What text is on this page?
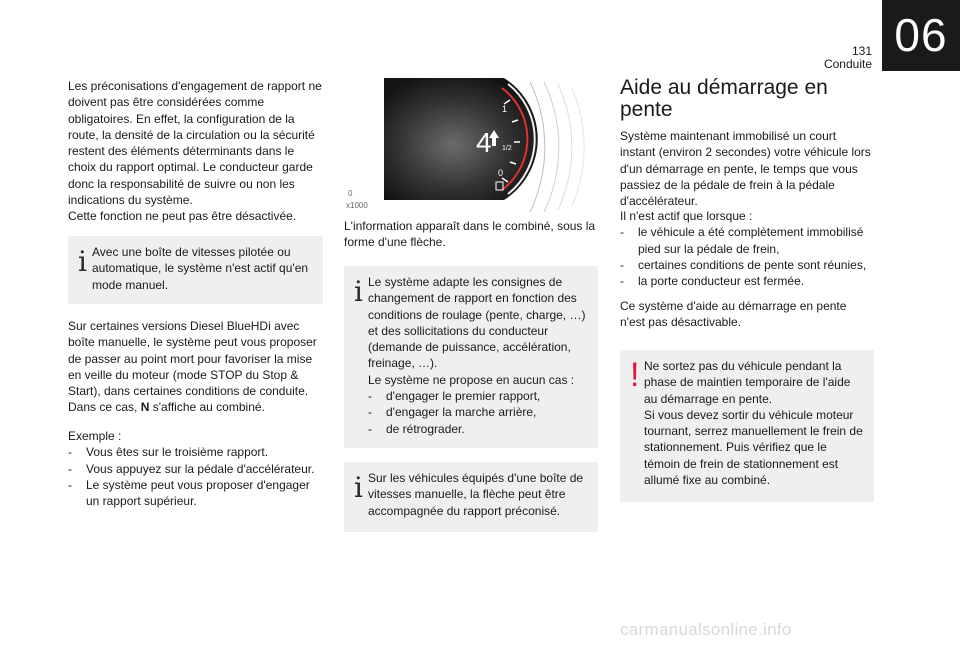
06
131
Conduite
Les préconisations d'engagement de rapport ne doivent pas être considérées comme obligatoires. En effet, la configuration de la route, la densité de la circulation ou la sécurité restent des éléments déterminants dans le choix du rapport optimal. Le conducteur garde donc la responsabilité de suivre ou non les indications du système.
Cette fonction ne peut pas être désactivée.
i Avec une boîte de vitesses pilotée ou automatique, le système n'est actif qu'en mode manuel.
Sur certaines versions Diesel BlueHDi avec boîte manuelle, le système peut vous proposer de passer au point mort pour favoriser la mise en veille du moteur (mode STOP du Stop & Start), dans certaines conditions de conduite. Dans ce cas, N s'affiche au combiné.
Exemple :
- Vous êtes sur le troisième rapport.
- Vous appuyez sur la pédale d'accélérateur.
- Le système peut vous proposer d'engager un rapport supérieur.
4
1
1/2
0
0
x1000
L'information apparaît dans le combiné, sous la forme d'une flèche.
i Le système adapte les consignes de changement de rapport en fonction des conditions de roulage (pente, charge, …) et des sollicitations du conducteur (demande de puissance, accélération, freinage, …).
Le système ne propose en aucun cas :
- d'engager le premier rapport,
- d'engager la marche arrière,
- de rétrograder.
i Sur les véhicules équipés d'une boîte de vitesses manuelle, la flèche peut être accompagnée du rapport préconisé.
Aide au démarrage en pente
Système maintenant immobilisé un court instant (environ 2 secondes) votre véhicule lors d'un démarrage en pente, le temps que vous passiez de la pédale de frein à la pédale d'accélérateur.
Il n'est actif que lorsque :
- le véhicule a été complètement immobilisé pied sur la pédale de frein,
- certaines conditions de pente sont réunies,
- la porte conducteur est fermée.
Ce système d'aide au démarrage en pente n'est pas désactivable.
! Ne sortez pas du véhicule pendant la phase de maintien temporaire de l'aide au démarrage en pente.
Si vous devez sortir du véhicule moteur tournant, serrez manuellement le frein de stationnement. Puis vérifiez que le témoin de frein de stationnement est allumé fixe au combiné.
carmanualsonline.info
